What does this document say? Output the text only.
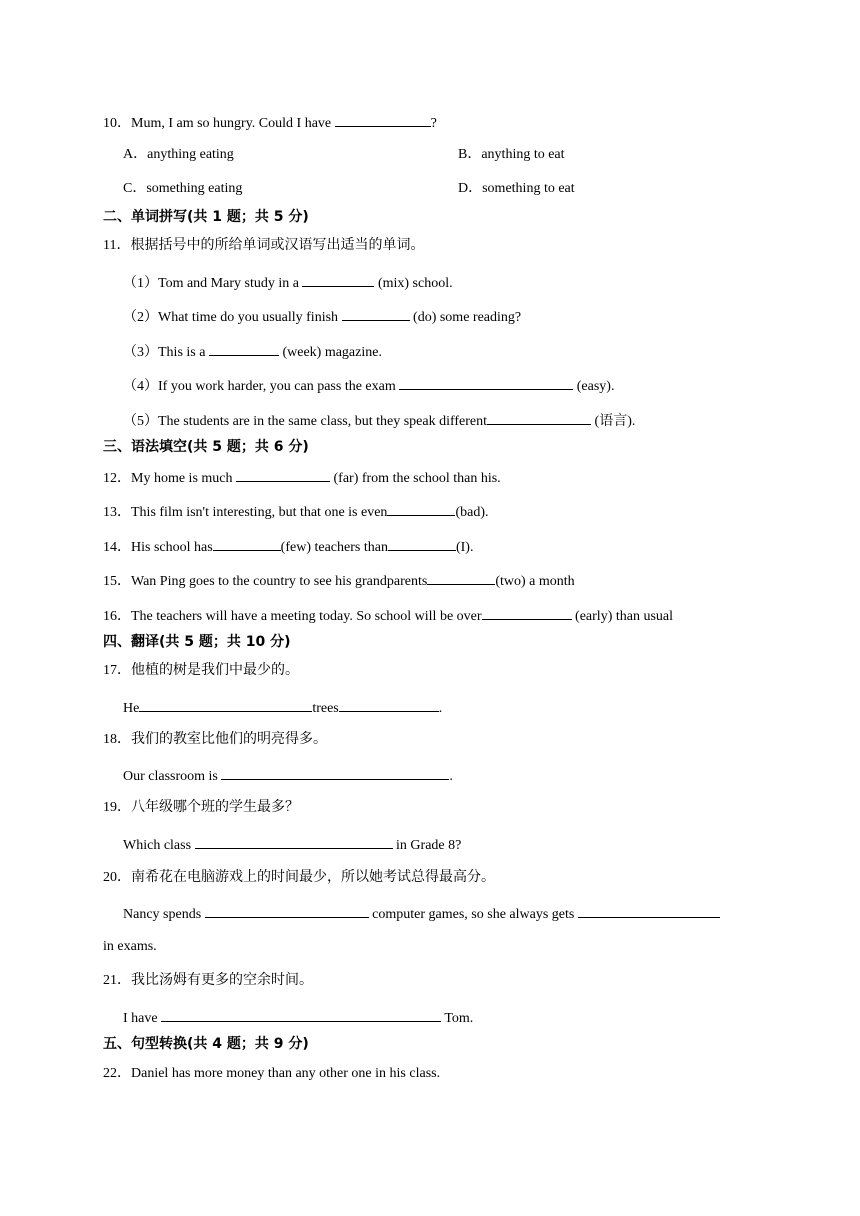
10．Mum, I am so hungry. Could I have	?
A．anything eating	B．anything to eat
C．something eating	D．something to eat
二、单词拼写(共 1 题；共 5 分)
11．根据括号中的所给单词或汉语写出适当的单词。
（1）Tom and Mary study in a	(mix) school.
（2）What time do you usually finish	(do) some reading?
（3）This is a	(week) magazine.
（4）If you work harder, you can pass the exam	(easy).
（5）The students are in the same class, but they speak different	(语言).
三、语法填空(共 5 题；共 6 分)
12．My home is much	(far) from the school than his.
13．This film isn't interesting, but that one is even	(bad).
14．His school has	(few) teachers than	(I).
15．Wan Ping goes to the country to see his grandparents	(two) a month
16．The teachers will have a meeting today. So school will be over	(early) than usual
四、翻译(共 5 题；共 10 分)
17．他植的树是我们中最少的。
He	trees	.
18．我们的教室比他们的明亮得多。
Our classroom is	.
19．八年级哪个班的学生最多？
Which class	in Grade 8?
20．南希花在电脑游戏上的时间最少，所以她考试总得最高分。
Nancy spends	computer games, so she always gets
in exams.
21．我比汤姆有更多的空余时间。
I have	Tom.
五、句型转换(共 4 题；共 9 分)
22．Daniel has more money than any other one in his class.
